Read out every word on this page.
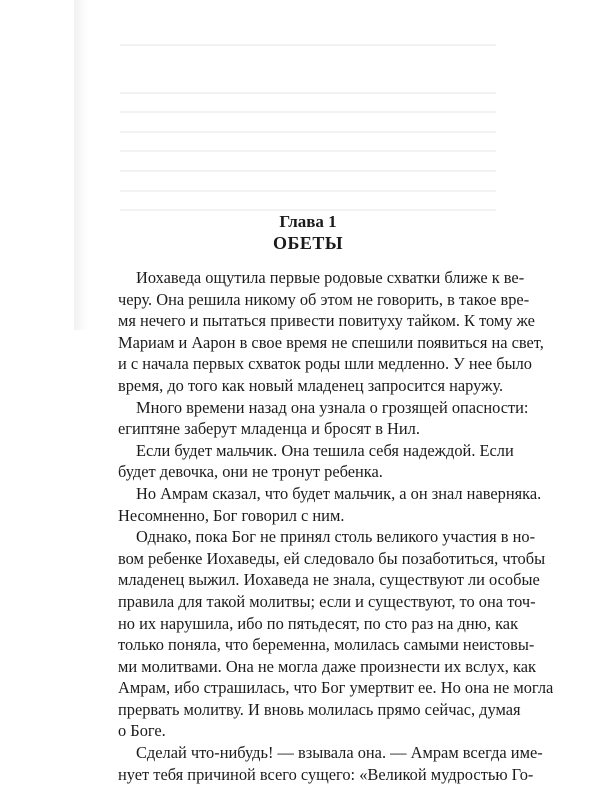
Глава 1
ОБЕТЫ
Иохаведа ощутила первые родовые схватки ближе к ве-
черу. Она решила никому об этом не говорить, в такое вре-
мя нечего и пытаться привести повитуху тайком. К тому же
Мариам и Аарон в свое время не спешили появиться на свет,
и с начала первых схваток роды шли медленно. У нее было
время, до того как новый младенец запросится наружу.
Много времени назад она узнала о грозящей опасности:
египтяне заберут младенца и бросят в Нил.
Если будет мальчик. Она тешила себя надеждой. Если
будет девочка, они не тронут ребенка.
Но Амрам сказал, что будет мальчик, а он знал наверняка.
Несомненно, Бог говорил с ним.
Однако, пока Бог не принял столь великого участия в но-
вом ребенке Иохаведы, ей следовало бы позаботиться, чтобы
младенец выжил. Иохаведа не знала, существуют ли особые
правила для такой молитвы; если и существуют, то она точ-
но их нарушила, ибо по пятьдесят, по сто раз на дню, как
только поняла, что беременна, молилась самыми неистовы-
ми молитвами. Она не могла даже произнести их вслух, как
Амрам, ибо страшилась, что Бог умертвит ее. Но она не могла
прервать молитву. И вновь молилась прямо сейчас, думая
о Боге.
Сделай что-нибудь! — взывала она. — Амрам всегда име-
нует тебя причиной всего сущего: «Великой мудростью Го-
